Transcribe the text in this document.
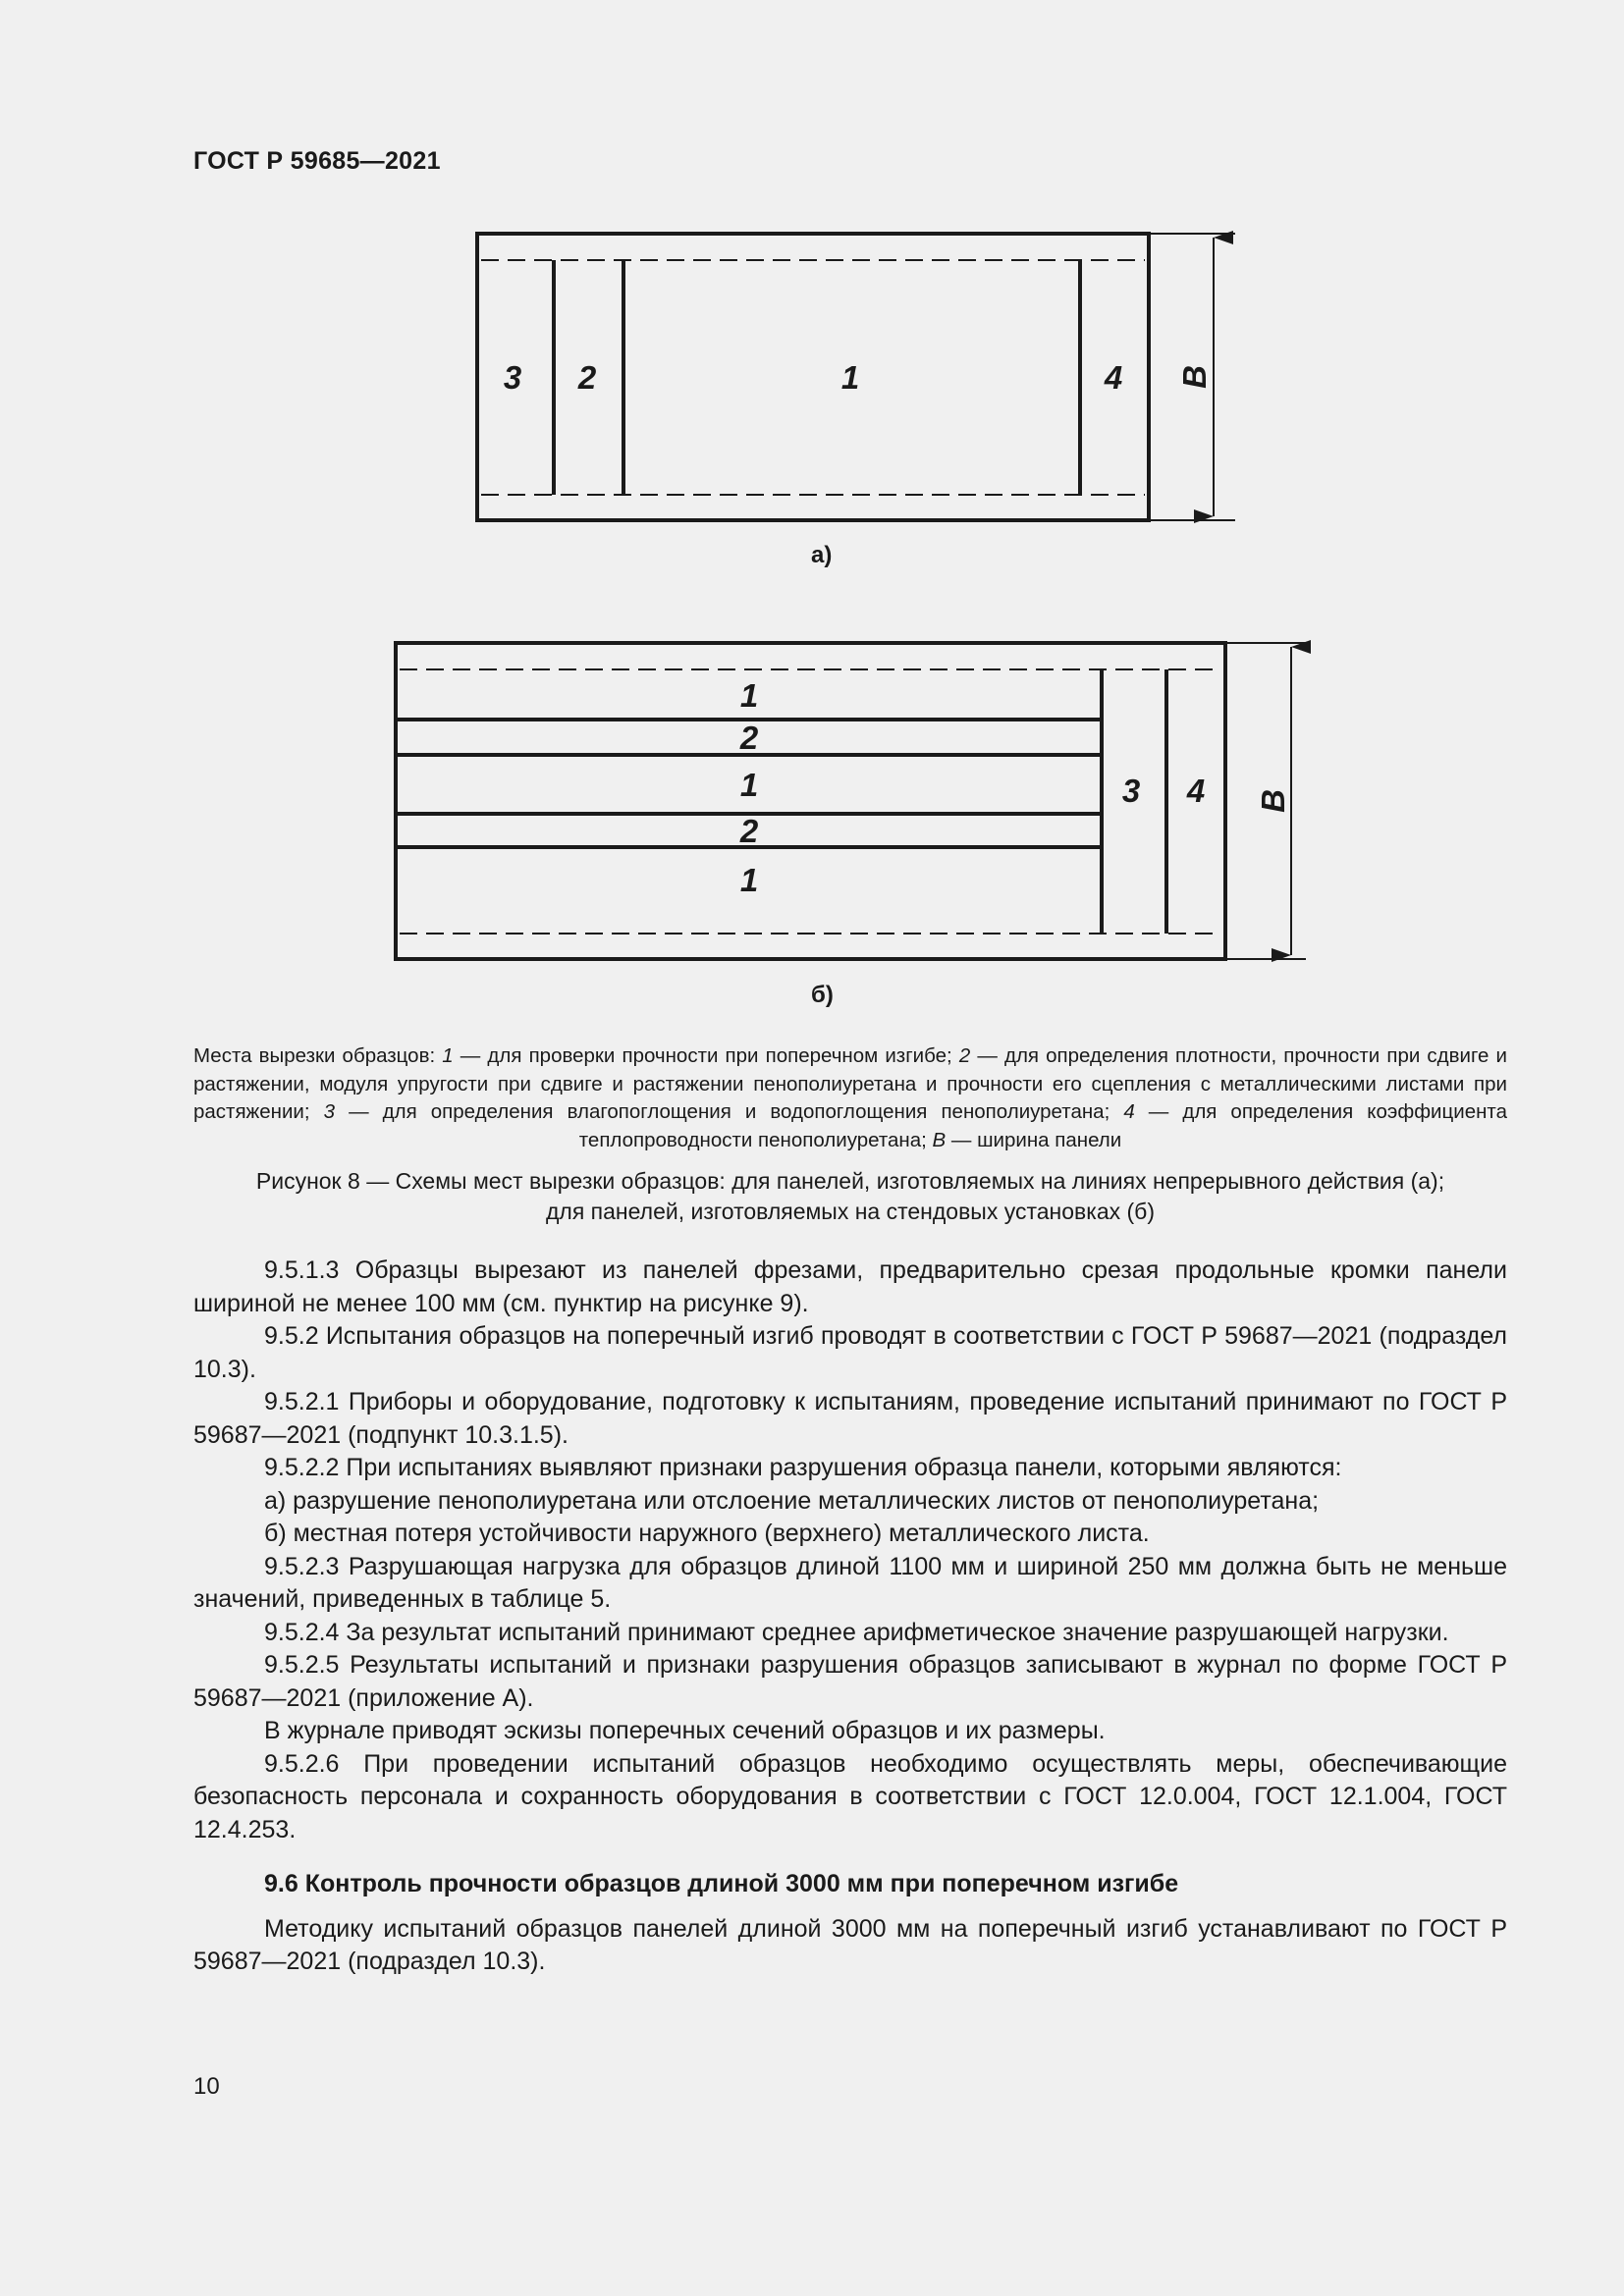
ГОСТ Р 59685—2021
3 2	1	4 B
1
2
1
2
1
3 4 B
а)
б)
Места вырезки образцов: 1 — для проверки прочности при поперечном изгибе; 2 — для определения плотности, прочности при сдвиге и растяжении, модуля упругости при сдвиге и растяжении пенополиуретана и прочности его сцепления с металлическими листами при растяжении; 3 — для определения влагопоглощения и водопоглощения пенополиуретана; 4 — для определения коэффициента теплопроводности пенополиуретана; B — ширина панели
Рисунок 8 — Схемы мест вырезки образцов: для панелей, изготовляемых на линиях непрерывного действия (а);
для панелей, изготовляемых на стендовых установках (б)

9.5.1.3 Образцы вырезают из панелей фрезами, предварительно срезая продольные кромки панели шириной не менее 100 мм (см. пунктир на рисунке 9).

9.5.2 Испытания образцов на поперечный изгиб проводят в соответствии с ГОСТ Р 59687—2021 (подраздел 10.3).

9.5.2.1 Приборы и оборудование, подготовку к испытаниям, проведение испытаний принимают по ГОСТ Р 59687—2021 (подпункт 10.3.1.5).

9.5.2.2 При испытаниях выявляют признаки разрушения образца панели, которыми являются:

а) разрушение пенополиуретана или отслоение металлических листов от пенополиуретана;

б) местная потеря устойчивости наружного (верхнего) металлического листа.

9.5.2.3 Разрушающая нагрузка для образцов длиной 1100 мм и шириной 250 мм должна быть не меньше значений, приведенных в таблице 5.

9.5.2.4 За результат испытаний принимают среднее арифметическое значение разрушающей нагрузки.

9.5.2.5 Результаты испытаний и признаки разрушения образцов записывают в журнал по форме ГОСТ Р 59687—2021 (приложение А).

В журнале приводят эскизы поперечных сечений образцов и их размеры.

9.5.2.6 При проведении испытаний образцов необходимо осуществлять меры, обеспечивающие безопасность персонала и сохранность оборудования в соответствии с ГОСТ 12.0.004, ГОСТ 12.1.004, ГОСТ 12.4.253.

9.6 Контроль прочности образцов длиной 3000 мм при поперечном изгибе

Методику испытаний образцов панелей длиной 3000 мм на поперечный изгиб устанавливают по ГОСТ Р 59687—2021 (подраздел 10.3).

10
